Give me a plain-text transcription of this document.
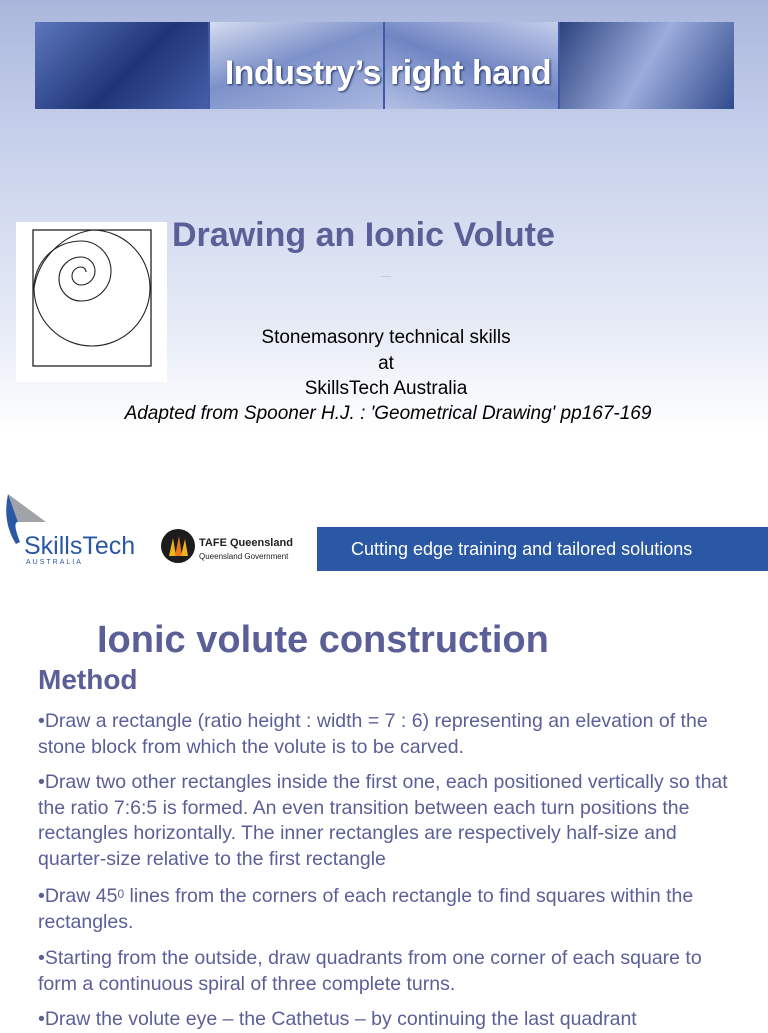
Industry’s right hand
Drawing an Ionic Volute
Stonemasonry technical skills
at
SkillsTech Australia
Adapted from Spooner H.J. : 'Geometrical Drawing' pp167-169
SkillsTech
AUSTRALIA
TAFE Queensland
Queensland Government	Cutting edge training and tailored solutions
Ionic volute construction
Method
•Draw a rectangle (ratio height : width = 7 : 6) representing an elevation of the stone block from which the volute is to be carved.
•Draw two other rectangles inside the first one, each positioned vertically so that the ratio 7:6:5 is formed. An even transition between each turn positions the rectangles horizontally. The inner rectangles are respectively half-size and quarter-size relative to the first rectangle
•Draw $45^0$ lines from the corners of each rectangle to find squares within the rectangles.
•Starting from the outside, draw quadrants from one corner of each square to form a continuous spiral of three complete turns.
•Draw the volute eye – the Cathetus – by continuing the last quadrant
